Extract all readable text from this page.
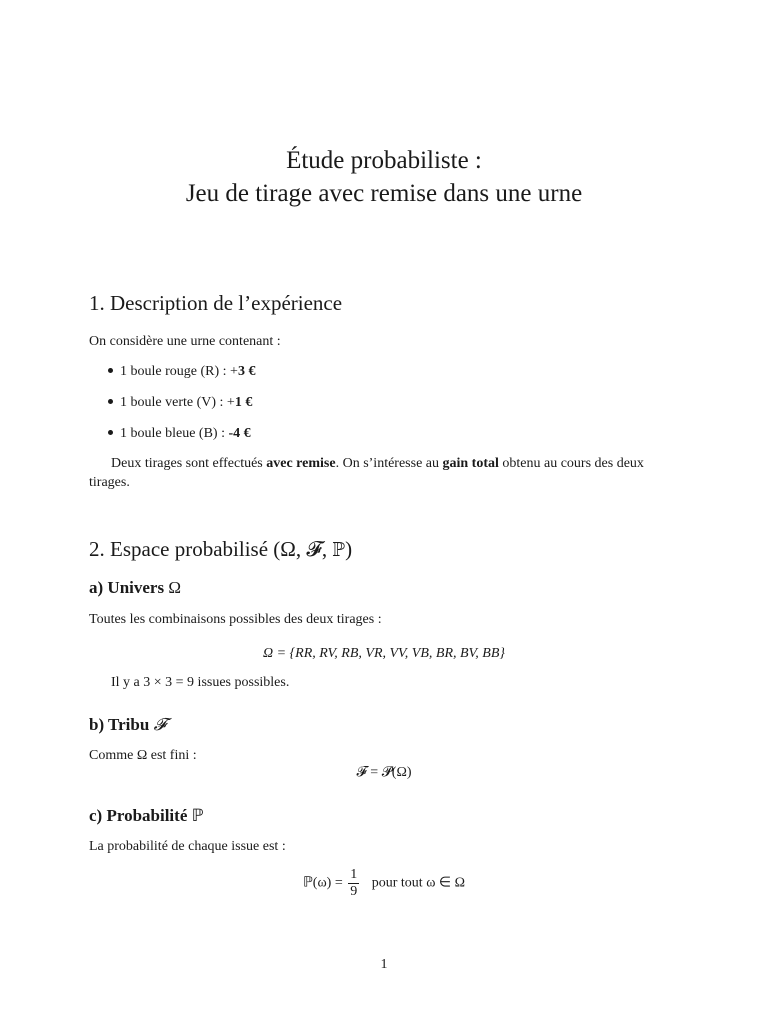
Étude probabiliste :
Jeu de tirage avec remise dans une urne
1. Description de l’expérience
On considère une urne contenant :
1 boule rouge (R) : +3 €
1 boule verte (V) : +1 €
1 boule bleue (B) : -4 €
Deux tirages sont effectués avec remise. On s’intéresse au gain total obtenu au cours des deux tirages.
2. Espace probabilisé (Ω, 𝓕, ℙ)
a) Univers Ω
Toutes les combinaisons possibles des deux tirages :
Ω = {RR, RV, RB, VR, VV, VB, BR, BV, BB}
Il y a 3 × 3 = 9 issues possibles.
b) Tribu 𝓕
Comme Ω est fini :
𝓕 = 𝓟(Ω)
c) Probabilité ℙ
La probabilité de chaque issue est :
ℙ(ω) = $\frac{1}{9}$ pour tout ω ∈ Ω
1
